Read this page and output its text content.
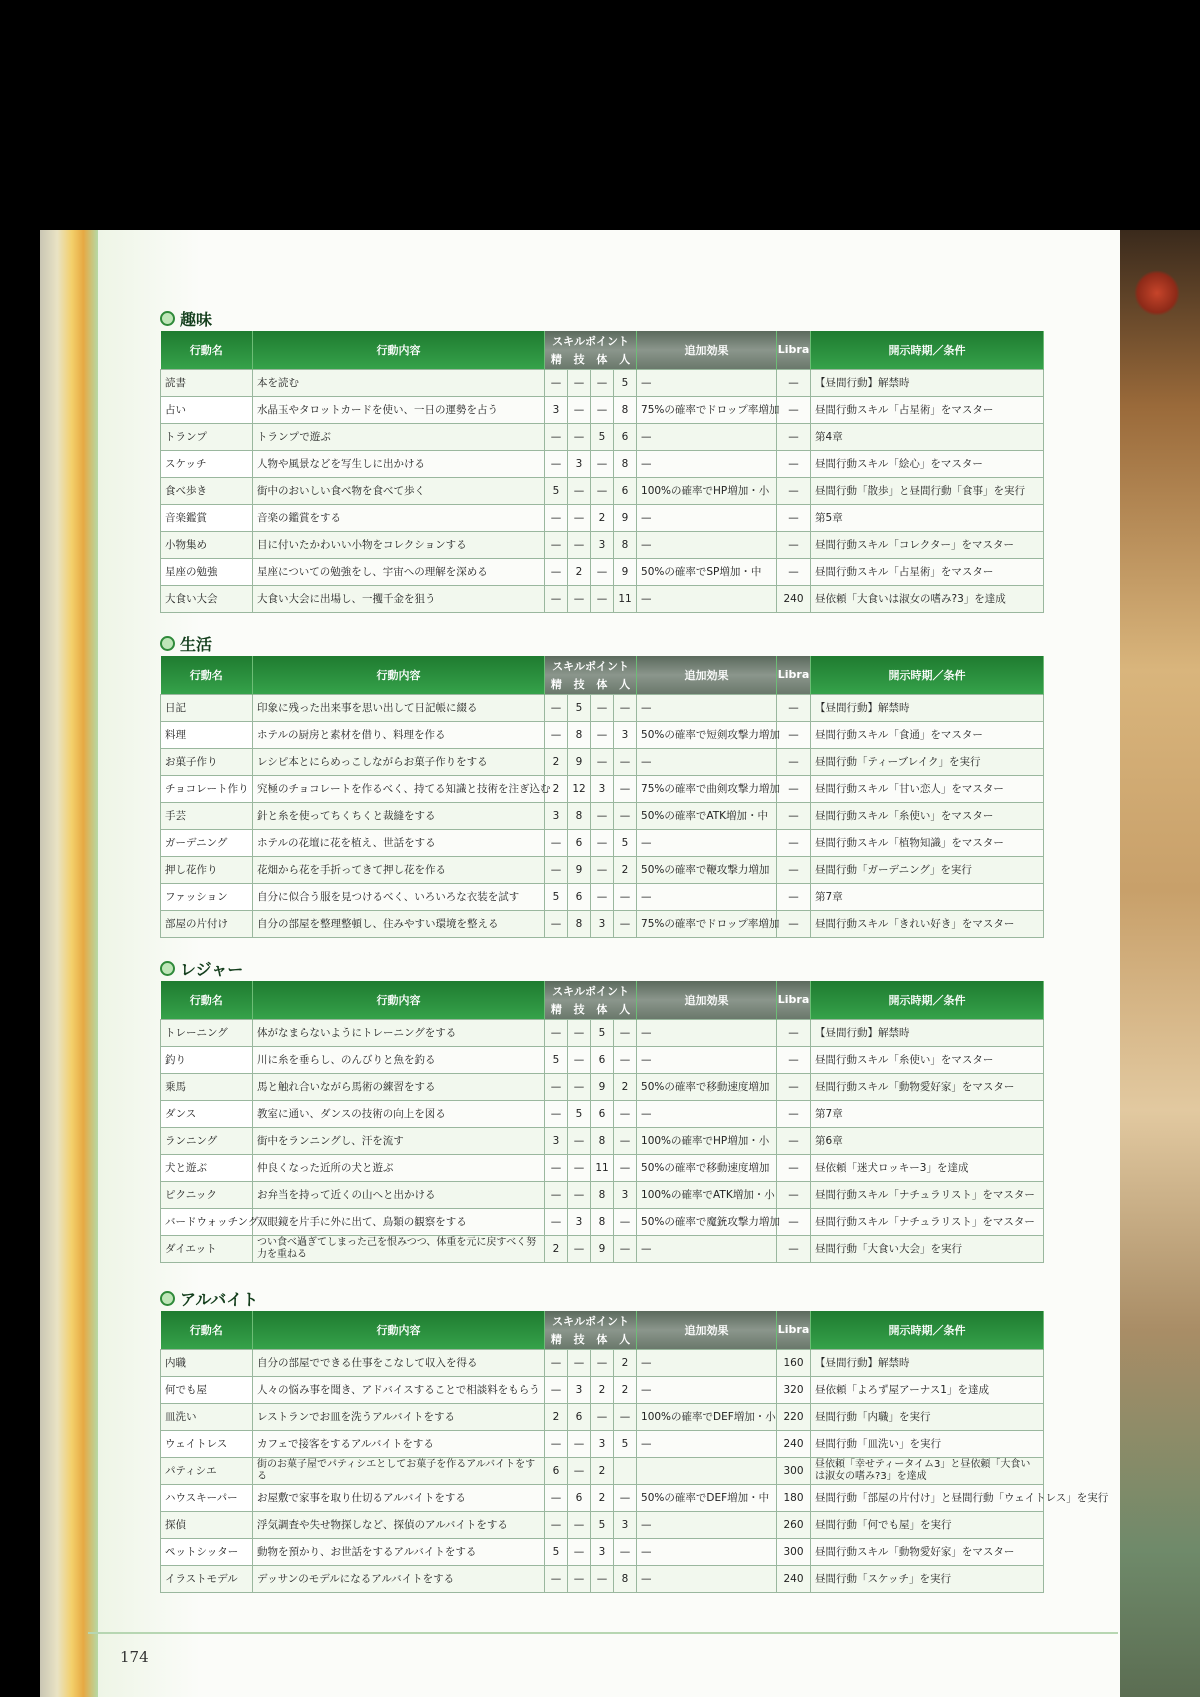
趣味
行動名	行動内容	スキルポイント
精 技 体 人				追加効果	Libra	開示時期／条件
読書	本を読む	—	—	—	5	—	—	【昼間行動】解禁時
占い	水晶玉やタロットカードを使い、一日の運勢を占う	3	—	—	8	75%の確率でドロップ率増加	—	昼間行動スキル「占星術」をマスター
トランプ	トランプで遊ぶ	—	—	5	6	—	—	第4章
スケッチ	人物や風景などを写生しに出かける	—	3	—	8	—	—	昼間行動スキル「絵心」をマスター
食べ歩き	街中のおいしい食べ物を食べて歩く	5	—	—	6	100%の確率でHP増加・小	—	昼間行動「散歩」と昼間行動「食事」を実行
音楽鑑賞	音楽の鑑賞をする	—	—	2	9	—	—	第5章
小物集め	目に付いたかわいい小物をコレクションする	—	—	3	8	—	—	昼間行動スキル「コレクター」をマスター
星座の勉強	星座についての勉強をし、宇宙への理解を深める	—	2	—	9	50%の確率でSP増加・中	—	昼間行動スキル「占星術」をマスター
大食い大会	大食い大会に出場し、一攫千金を狙う	—	—	—	11	—	240	昼依頼「大食いは淑女の嗜み?3」を達成
生活
行動名	行動内容	スキルポイント
精 技 体 人				追加効果	Libra	開示時期／条件
日記	印象に残った出来事を思い出して日記帳に綴る	—	5	—	—	—	—	【昼間行動】解禁時
料理	ホテルの厨房と素材を借り、料理を作る	—	8	—	3	50%の確率で短剣攻撃力増加	—	昼間行動スキル「食通」をマスター
お菓子作り	レシピ本とにらめっこしながらお菓子作りをする	2	9	—	—	—	—	昼間行動「ティーブレイク」を実行
チョコレート作り	究極のチョコレートを作るべく、持てる知識と技術を注ぎ込む	2	12	3	—	75%の確率で曲剣攻撃力増加	—	昼間行動スキル「甘い恋人」をマスター
手芸	針と糸を使ってちくちくと裁縫をする	3	8	—	—	50%の確率でATK増加・中	—	昼間行動スキル「糸使い」をマスター
ガーデニング	ホテルの花壇に花を植え、世話をする	—	6	—	5	—	—	昼間行動スキル「植物知識」をマスター
押し花作り	花畑から花を手折ってきて押し花を作る	—	9	—	2	50%の確率で鞭攻撃力増加	—	昼間行動「ガーデニング」を実行
ファッション	自分に似合う服を見つけるべく、いろいろな衣装を試す	5	6	—	—	—	—	第7章
部屋の片付け	自分の部屋を整理整頓し、住みやすい環境を整える	—	8	3	—	75%の確率でドロップ率増加	—	昼間行動スキル「きれい好き」をマスター
レジャー
行動名	行動内容	スキルポイント
精 技 体 人				追加効果	Libra	開示時期／条件
トレーニング	体がなまらないようにトレーニングをする	—	—	5	—	—	—	【昼間行動】解禁時
釣り	川に糸を垂らし、のんびりと魚を釣る	5	—	6	—	—	—	昼間行動スキル「糸使い」をマスター
乗馬	馬と触れ合いながら馬術の練習をする	—	—	9	2	50%の確率で移動速度増加	—	昼間行動スキル「動物愛好家」をマスター
ダンス	教室に通い、ダンスの技術の向上を図る	—	5	6	—	—	—	第7章
ランニング	街中をランニングし、汗を流す	3	—	8	—	100%の確率でHP増加・小	—	第6章
犬と遊ぶ	仲良くなった近所の犬と遊ぶ	—	—	11	—	50%の確率で移動速度増加	—	昼依頼「迷犬ロッキー3」を達成
ピクニック	お弁当を持って近くの山へと出かける	—	—	8	3	100%の確率でATK増加・小	—	昼間行動スキル「ナチュラリスト」をマスター
バードウォッチング	双眼鏡を片手に外に出て、鳥類の観察をする	—	3	8	—	50%の確率で魔銃攻撃力増加	—	昼間行動スキル「ナチュラリスト」をマスター
ダイエット	つい食べ過ぎてしまった己を恨みつつ、体重を元に戻すべく努力を重ねる	2	—	9	—	—	—	昼間行動「大食い大会」を実行
アルバイト
行動名	行動内容	スキルポイント
精 技 体 人				追加効果	Libra	開示時期／条件
内職	自分の部屋でできる仕事をこなして収入を得る	—	—	—	2	—	160	【昼間行動】解禁時
何でも屋	人々の悩み事を聞き、アドバイスすることで相談料をもらう	—	3	2	2	—	320	昼依頼「よろず屋アーナス1」を達成
皿洗い	レストランでお皿を洗うアルバイトをする	2	6	—	—	100%の確率でDEF増加・小	220	昼間行動「内職」を実行
ウェイトレス	カフェで接客をするアルバイトをする	—	—	3	5	—	240	昼間行動「皿洗い」を実行
パティシエ	街のお菓子屋でパティシエとしてお菓子を作るアルバイトをする	6	—	2			300	昼依頼「幸せティータイム3」と昼依頼「大食いは淑女の嗜み?3」を達成
ハウスキーパー	お屋敷で家事を取り仕切るアルバイトをする	—	6	2	—	50%の確率でDEF増加・中	180	昼間行動「部屋の片付け」と昼間行動「ウェイトレス」を実行
探偵	浮気調査や失せ物探しなど、探偵のアルバイトをする	—	—	5	3	—	260	昼間行動「何でも屋」を実行
ペットシッター	動物を預かり、お世話をするアルバイトをする	5	—	3	—	—	300	昼間行動スキル「動物愛好家」をマスター
イラストモデル	デッサンのモデルになるアルバイトをする	—	—	—	8	—	240	昼間行動「スケッチ」を実行
174
